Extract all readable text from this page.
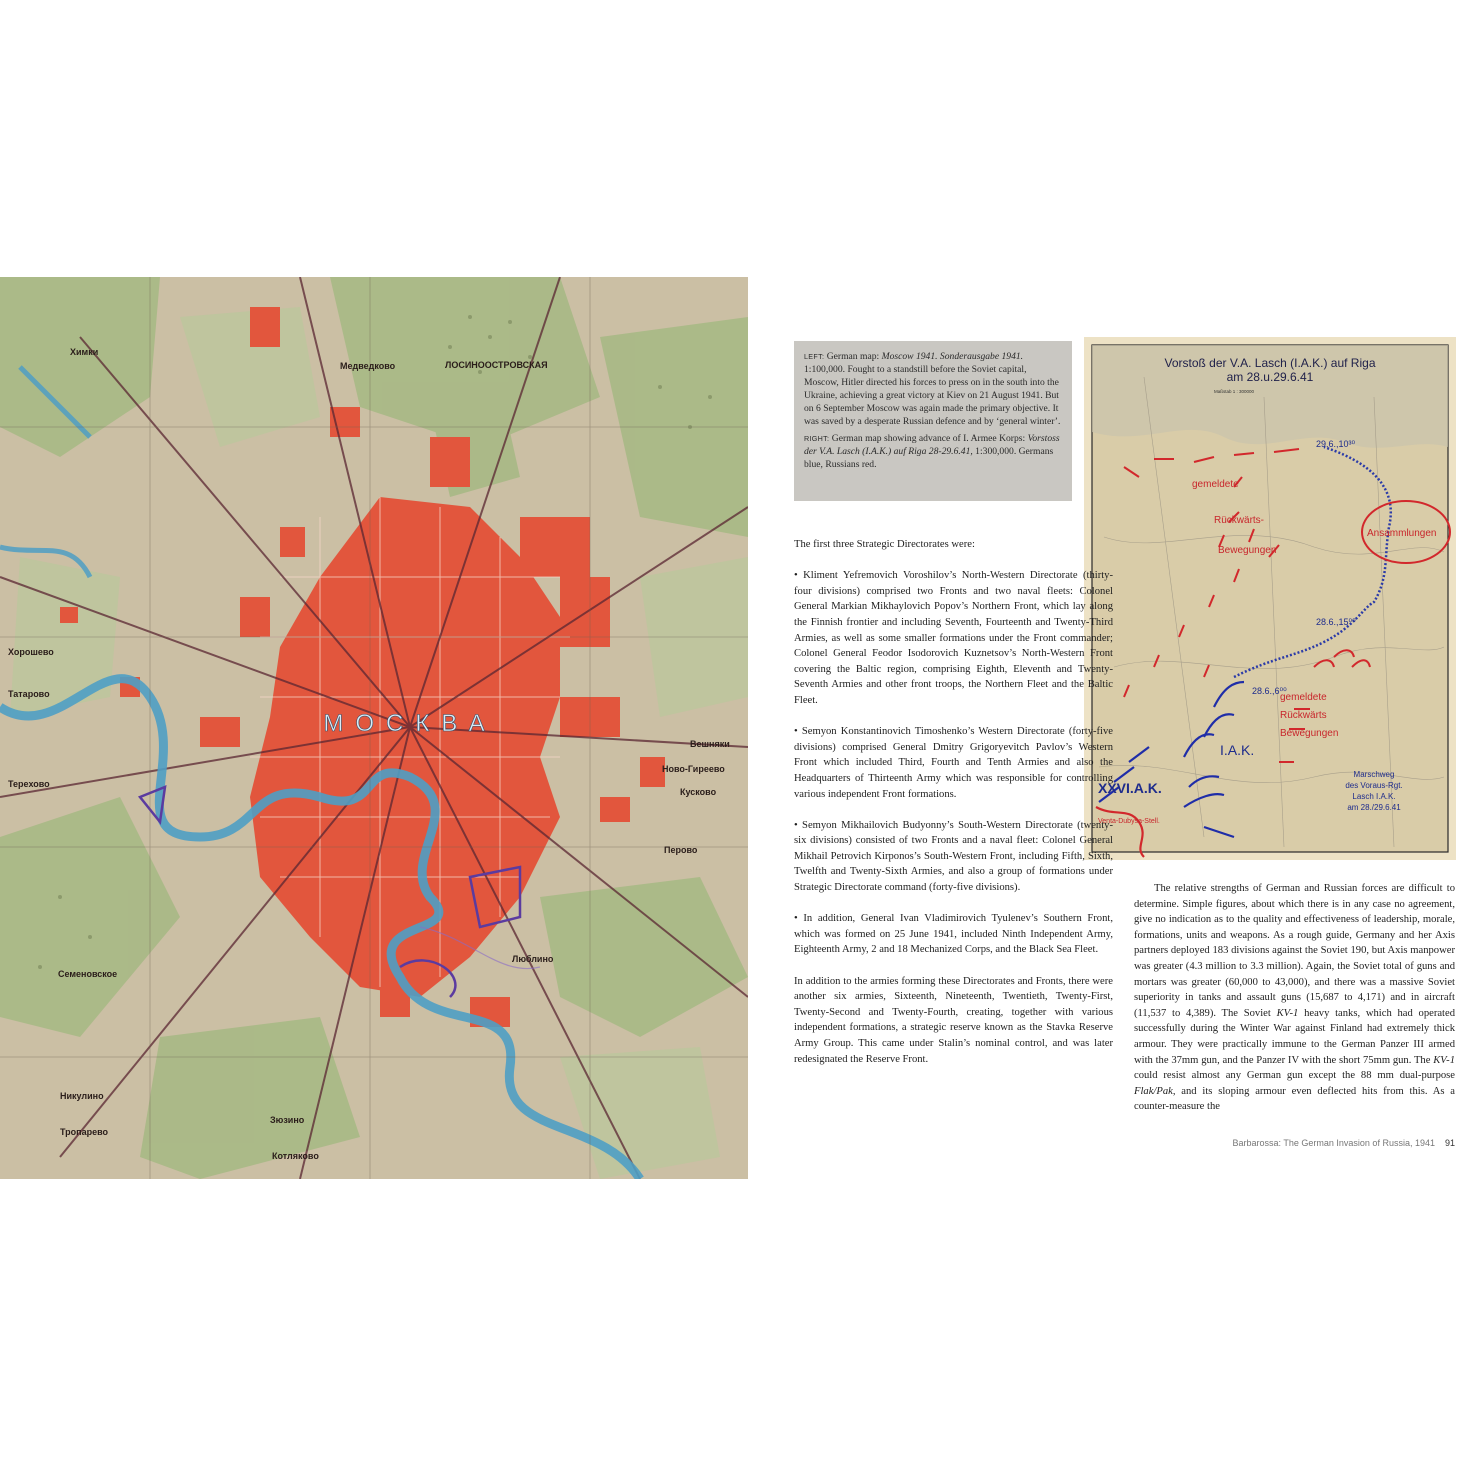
МОСКВА
ЛОСИНООСТРОВСКАЯ
Химки
Хорошево
Татарово
Терехово
Семеновское
Никулино
Тропарево
Зюзино
Котляково
Люблино
Перово
Кусково
Ново-Гиреево
Медведково
Вешняки

LEFT: German map: Moscow 1941. Sonderausgabe 1941. 1:100,000. Fought to a standstill before the Soviet capital, Moscow, Hitler directed his forces to press on in the south into the Ukraine, achieving a great victory at Kiev on 21 August 1941. But on 6 September Moscow was again made the primary objective. It was saved by a desperate Russian defence and by ‘general winter’.

RIGHT: German map showing advance of I. Armee Korps: Vorstoss der V.A. Lasch (I.A.K.) auf Riga 28-29.6.41, 1:300,000. Germans blue, Russians red.

Vorstoß der V.A. Lasch (I.A.K.) auf Riga
am 28.u.29.6.41
Maßstab 1 : 300000
gemeldete
Rückwärts-
Bewegungen
Ansammlungen
gemeldete
Rückwärts
Bewegungen
Venta-Dubysa-Stell.
29.6.,10³⁰
28.6.,15⁰⁰
28.6.,6⁰⁰
I.A.K.
XXVI.A.K.
Marschweg
des Voraus-Rgt.
Lasch I.A.K.
am 28./29.6.41

The first three Strategic Directorates were:

• Kliment Yefremovich Voroshilov’s North-Western Directorate (thirty-four divisions) comprised two Fronts and two naval fleets: Colonel General Markian Mikhaylovich Popov’s Northern Front, which lay along the Finnish frontier and including Seventh, Fourteenth and Twenty-Third Armies, as well as some smaller formations under the Front commander; Colonel General Feodor Isodorovich Kuznetsov’s North-Western Front covering the Baltic region, comprising Eighth, Eleventh and Twenty-Seventh Armies and other front troops, the Northern Fleet and the Baltic Fleet.

• Semyon Konstantinovich Timoshenko’s Western Directorate (forty-five divisions) comprised General Dmitry Grigoryevitch Pavlov’s Western Front which included Third, Fourth and Tenth Armies and also the Headquarters of Thirteenth Army which was responsible for controlling various independent Front formations.

• Semyon Mikhailovich Budyonny’s South-Western Directorate (twenty-six divisions) consisted of two Fronts and a naval fleet: Colonel General Mikhail Petrovich Kirponos’s South-Western Front, including Fifth, Sixth, Twelfth and Twenty-Sixth Armies, and also a group of formations under Strategic Directorate command (forty-five divisions).

• In addition, General Ivan Vladimirovich Tyulenev’s Southern Front, which was formed on 25 June 1941, included Ninth Independent Army, Eighteenth Army, 2 and 18 Mechanized Corps, and the Black Sea Fleet.

In addition to the armies forming these Directorates and Fronts, there were another six armies, Sixteenth, Nineteenth, Twentieth, Twenty-First, Twenty-Second and Twenty-Fourth, creating, together with various independent formations, a strategic reserve known as the Stavka Reserve Army Group. This came under Stalin’s nominal control, and was later redesignated the Reserve Front.

The relative strengths of German and Russian forces are difficult to determine. Simple figures, about which there is in any case no agreement, give no indication as to the quality and effectiveness of leadership, morale, formations, units and weapons. As a rough guide, Germany and her Axis partners deployed 183 divisions against the Soviet 190, but Axis manpower was greater (4.3 million to 3.3 million). Again, the Soviet total of guns and mortars was greater (60,000 to 43,000), and there was a massive Soviet superiority in tanks and assault guns (15,687 to 4,171) and in aircraft (11,537 to 4,389). The Soviet KV-1 heavy tanks, which had operated successfully during the Winter War against Finland had extremely thick armour. They were practically immune to the German Panzer III armed with the 37mm gun, and the Panzer IV with the short 75mm gun. The KV-1 could resist almost any German gun except the 88 mm dual-purpose Flak/Pak, and its sloping armour even deflected hits from this. As a counter-measure the

Barbarossa: The German Invasion of Russia, 1941 91
